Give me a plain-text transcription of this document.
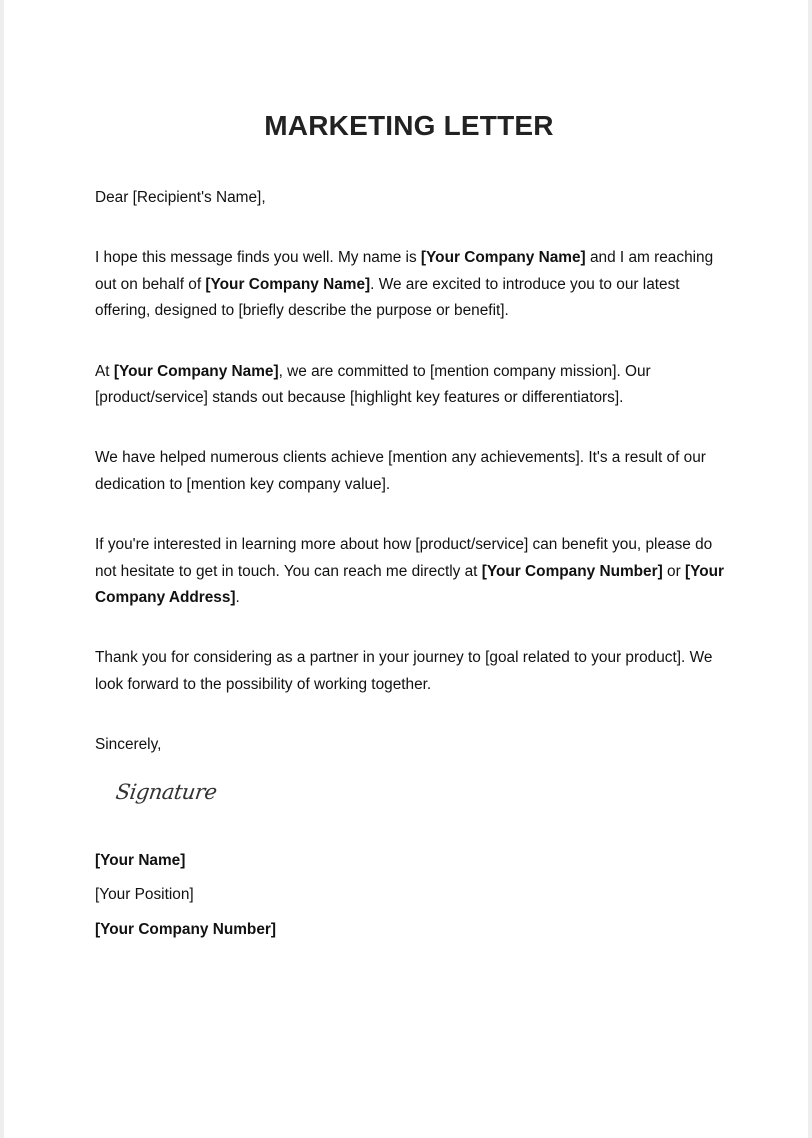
MARKETING LETTER

Dear [Recipient's Name],

I hope this message finds you well. My name is [Your Company Name] and I am reaching out on behalf of [Your Company Name]. We are excited to introduce you to our latest offering, designed to [briefly describe the purpose or benefit].

At [Your Company Name], we are committed to [mention company mission]. Our [product/service] stands out because [highlight key features or differentiators].

We have helped numerous clients achieve [mention any achievements]. It's a result of our dedication to [mention key company value].

If you're interested in learning more about how [product/service] can benefit you, please do not hesitate to get in touch. You can reach me directly at [Your Company Number] or [Your Company Address].

Thank you for considering as a partner in your journey to [goal related to your product]. We look forward to the possibility of working together.

Sincerely,

Signature
[Your Name]
[Your Position]
[Your Company Number]
